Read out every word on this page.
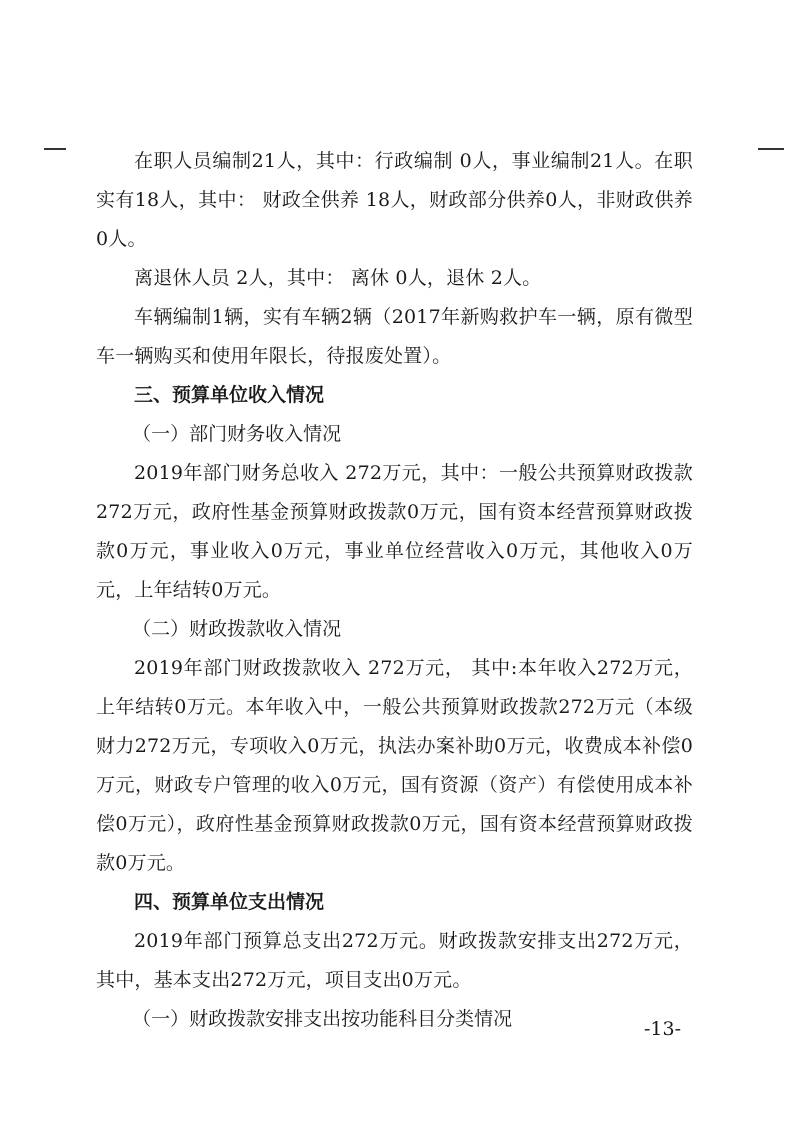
在职人员编制21人，其中：行政编制 0人，事业编制21人。在职实有18人，其中： 财政全供养 18人，财政部分供养0人，非财政供养0人。

离退休人员 2人，其中： 离休 0人，退休 2人。

车辆编制1辆，实有车辆2辆（2017年新购救护车一辆，原有微型车一辆购买和使用年限长，待报废处置）。

三、预算单位收入情况

（一）部门财务收入情况

2019年部门财务总收入 272万元，其中：一般公共预算财政拨款272万元，政府性基金预算财政拨款0万元，国有资本经营预算财政拨款0万元，事业收入0万元，事业单位经营收入0万元，其他收入0万元，上年结转0万元。

（二）财政拨款收入情况

2019年部门财政拨款收入 272万元， 其中:本年收入272万元，上年结转0万元。本年收入中，一般公共预算财政拨款272万元（本级财力272万元，专项收入0万元，执法办案补助0万元，收费成本补偿0万元，财政专户管理的收入0万元，国有资源（资产）有偿使用成本补偿0万元），政府性基金预算财政拨款0万元，国有资本经营预算财政拨款0万元。

四、预算单位支出情况

2019年部门预算总支出272万元。财政拨款安排支出272万元，其中，基本支出272万元，项目支出0万元。

（一）财政拨款安排支出按功能科目分类情况	-13-
